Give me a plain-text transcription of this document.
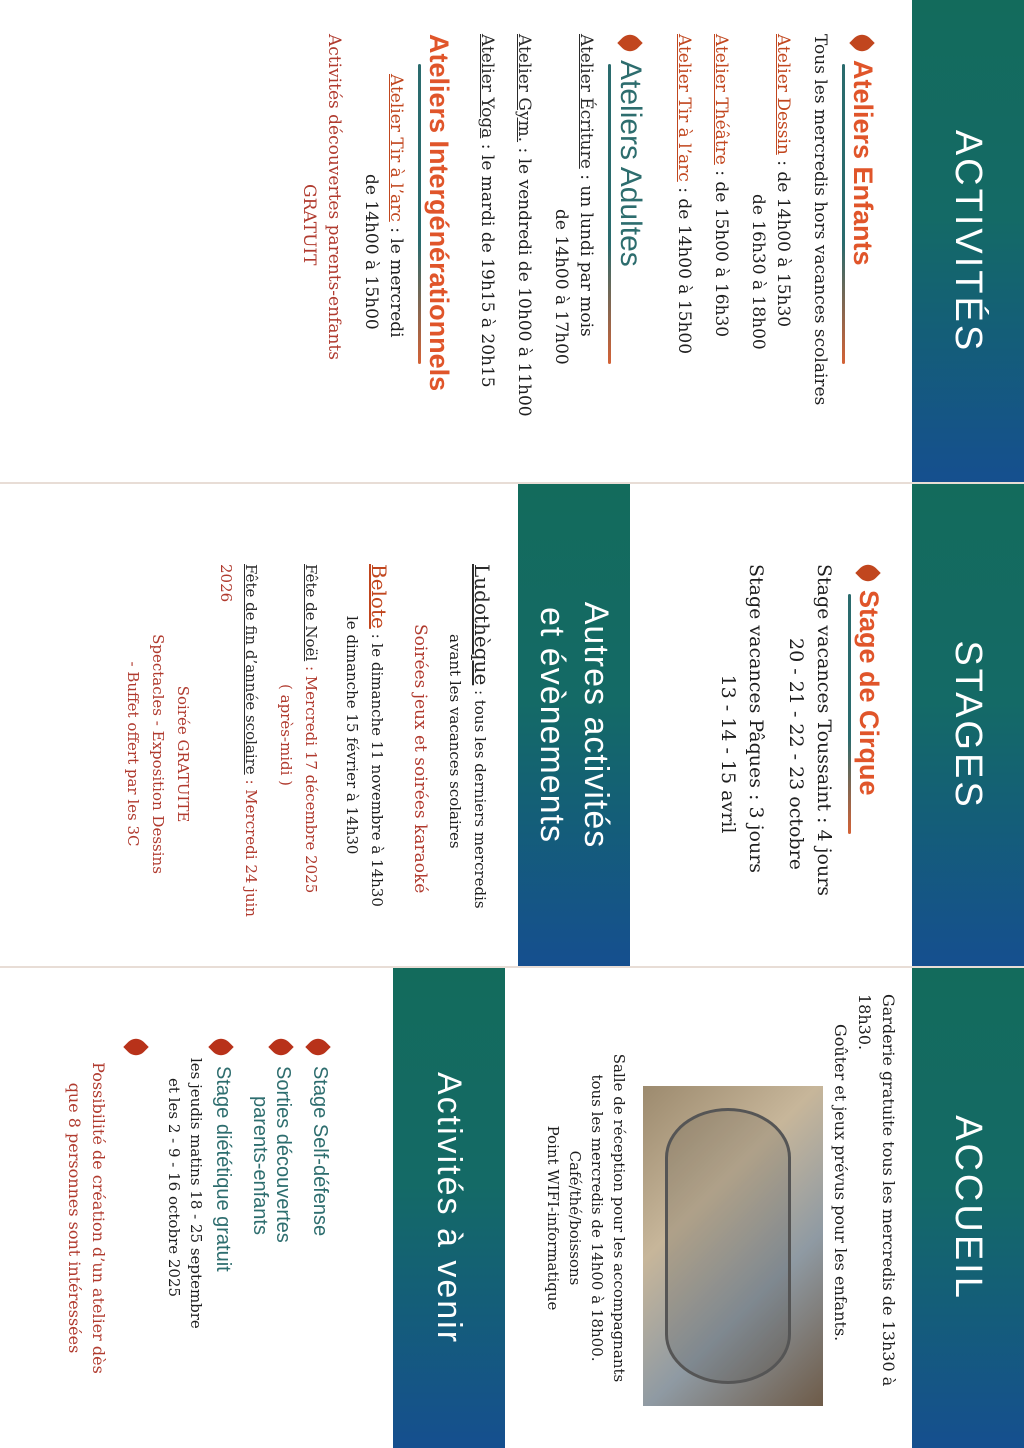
ACTIVITÉS
Ateliers Enfants
Tous les mercredis hors vacances scolaires
Atelier Dessin : de 14h00 à 15h30
de 16h30 à 18h00
Atelier Théâtre : de 15h00 à 16h30
Atelier Tir à l’arc : de 14h00 à 15h00
Ateliers Adultes
Atelier Écriture : un lundi par mois
de 14h00 à 17h00
Atelier Gym. : le vendredi de 10h00 à 11h00
Atelier Yoga : le mardi de 19h15 à 20h15
Ateliers Intergénérationnels
Atelier Tir à l’arc : le mercredi
de 14h00 à 15h00
Activités découvertes parents-enfants
GRATUIT
STAGES
Stage de Cirque
Stage vacances Toussaint : 4 jours
20 - 21 - 22 - 23 octobre
Stage vacances Pâques : 3 jours
13 - 14 - 15 avril
Autres activités
et évènements
Ludothèque : tous les derniers mercredis
avant les vacances scolaires
Soirées jeux et soirées karaoké
Belote : le dimanche 11 novembre à 14h30
le dimanche 15 février à 14h30
Fête de Noël : Mercredi 17 décembre 2025
( après-midi )
Fête de fin d’année scolaire : Mercredi 24 juin 2026
Soirée GRATUITE
Spectacles - Exposition Dessins
- Buffet offert par les 3C
ACCUEIL
Garderie gratuite tous les mercredis de 13h30 à 18h30.
Goûter et jeux prévus pour les enfants.
Salle de réception pour les accompagnants
tous les mercredis de 14h00 à 18h00.
Café/thé/boissons
Point WIFI-informatique
Activités à venir
Stage Self-défense
Sorties découvertes
parents-enfants
Stage diététique gratuit
les jeudis matins 18 - 25 septembre
et les 2 - 9 - 16 octobre 2025
Possibilité de création d’un atelier dès
que 8 personnes sont intéressées
